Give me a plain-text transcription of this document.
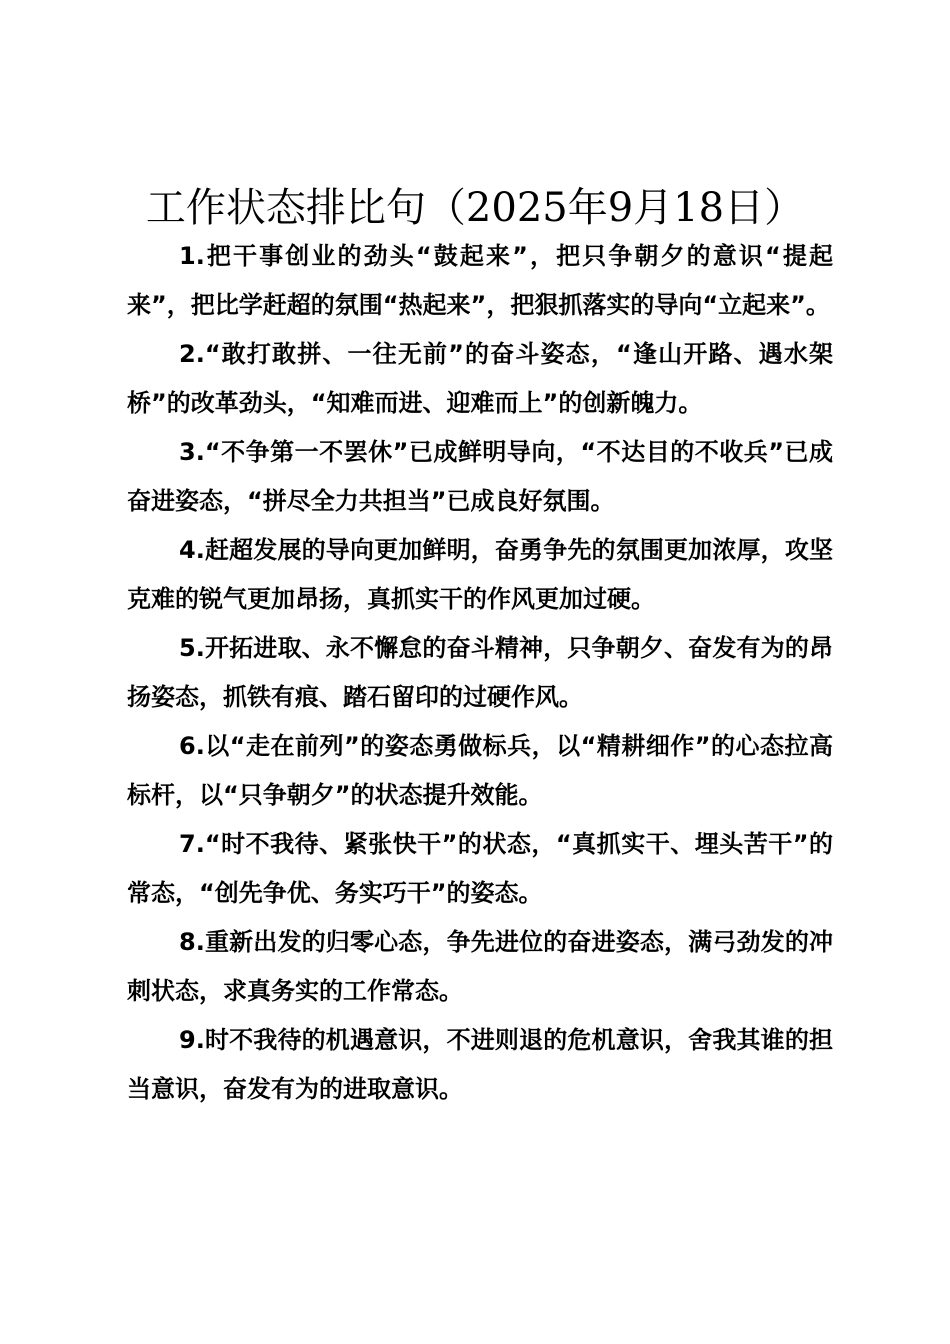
工作状态排比句（2025年9月18日）

1.把干事创业的劲头“鼓起来”，把只争朝夕的意识“提起来”，把比学赶超的氛围“热起来”，把狠抓落实的导向“立起来”。

2.“敢打敢拼、一往无前”的奋斗姿态，“逢山开路、遇水架桥”的改革劲头，“知难而进、迎难而上”的创新魄力。

3.“不争第一不罢休”已成鲜明导向，“不达目的不收兵”已成奋进姿态，“拼尽全力共担当”已成良好氛围。

4.赶超发展的导向更加鲜明，奋勇争先的氛围更加浓厚，攻坚克难的锐气更加昂扬，真抓实干的作风更加过硬。

5.开拓进取、永不懈怠的奋斗精神，只争朝夕、奋发有为的昂扬姿态，抓铁有痕、踏石留印的过硬作风。

6.以“走在前列”的姿态勇做标兵，以“精耕细作”的心态拉高标杆，以“只争朝夕”的状态提升效能。

7.“时不我待、紧张快干”的状态，“真抓实干、埋头苦干”的常态，“创先争优、务实巧干”的姿态。

8.重新出发的归零心态，争先进位的奋进姿态，满弓劲发的冲刺状态，求真务实的工作常态。

9.时不我待的机遇意识，不进则退的危机意识，舍我其谁的担当意识，奋发有为的进取意识。
